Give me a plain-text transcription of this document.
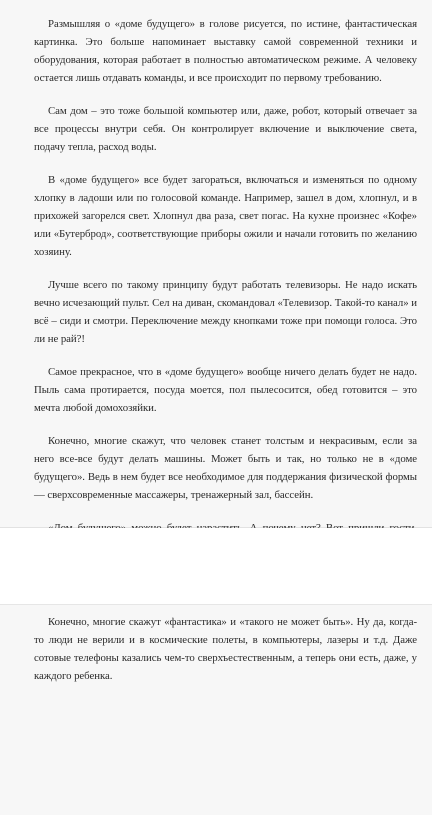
Размышляя о «доме будущего» в голове рисуется, по истине, фантастическая картинка. Это больше напоминает выставку самой современной техники и оборудования, которая работает в полностью автоматическом режиме. А человеку остается лишь отдавать команды, и все происходит по первому требованию.

Сам дом – это тоже большой компьютер или, даже, робот, который отвечает за все процессы внутри себя. Он контролирует включение и выключение света, подачу тепла, расход воды.

В «доме будущего» все будет загораться, включаться и изменяться по одному хлопку в ладоши или по голосовой команде. Например, зашел в дом, хлопнул, и в прихожей загорелся свет. Хлопнул два раза, свет погас. На кухне произнес «Кофе» или «Бутерброд», соответствующие приборы ожили и начали готовить по желанию хозяину.

Лучше всего по такому принципу будут работать телевизоры. Не надо искать вечно исчезающий пульт. Сел на диван, скомандовал «Телевизор. Такой-то канал» и всё – сиди и смотри. Переключение между кнопками тоже при помощи голоса. Это ли не рай?!

Самое прекрасное, что в «доме будущего» вообще ничего делать будет не надо. Пыль сама протирается, посуда моется, пол пылесосится, обед готовится – это мечта любой домохозяйки.

Конечно, многие скажут, что человек станет толстым и некрасивым, если за него все-все будут делать машины. Может быть и так, но только не в «доме будущего». Ведь в нем будет все необходимое для поддержания физической формы — сверхсовременные массажеры, тренажерный зал, бассейн.

Конечно, многие скажут «фантастика» и «такого не может быть». Ну да, когда-то люди не верили и в космические полеты, в компьютеры, лазеры и т.д. Даже сотовые телефоны казались чем-то сверхъестественным, а теперь они есть, даже, у каждого ребенка.
